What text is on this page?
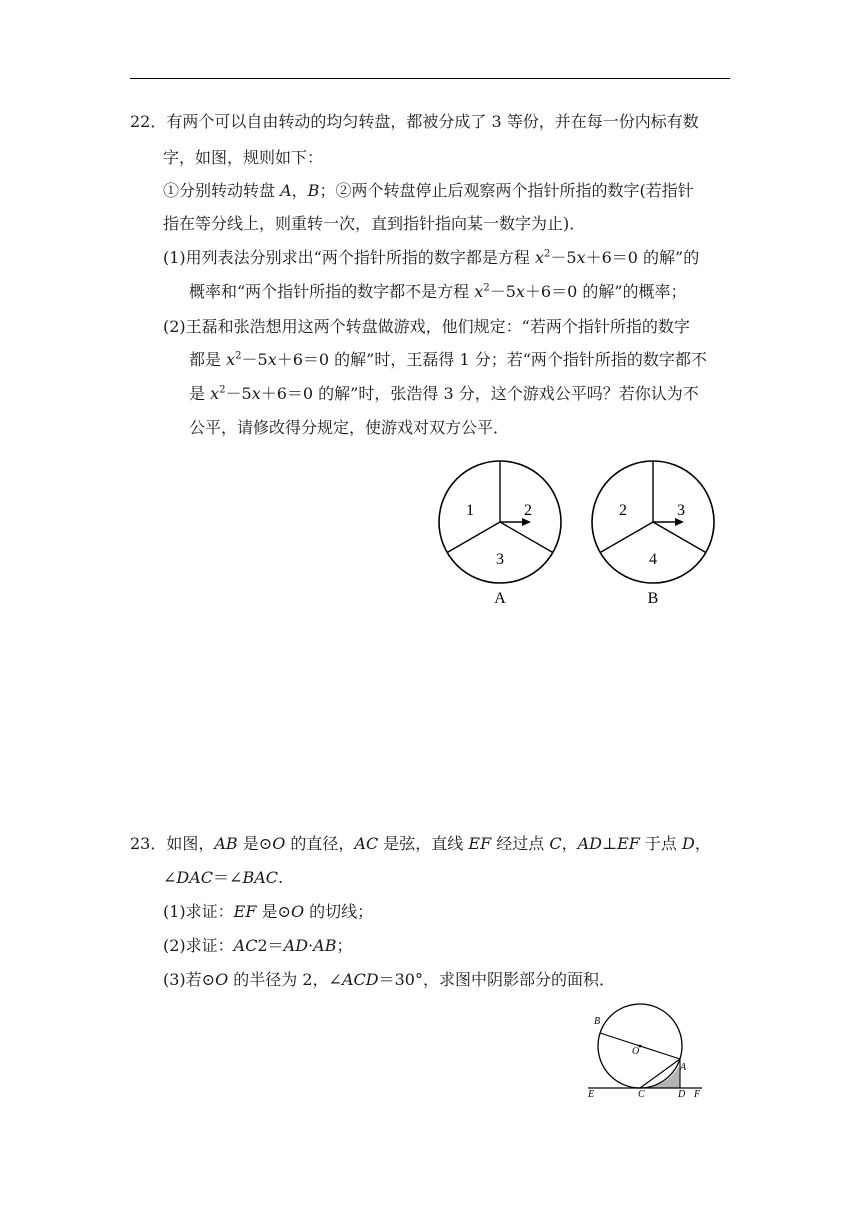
22．有两个可以自由转动的均匀转盘，都被分成了 3 等份，并在每一份内标有数
字，如图，规则如下：
①分别转动转盘 A，B；②两个转盘停止后观察两个指针所指的数字(若指针
指在等分线上，则重转一次，直到指针指向某一数字为止)．
(1)用列表法分别求出“两个指针所指的数字都是方程 $x^2-5x+6=0$ 的解”的
概率和“两个指针所指的数字都不是方程 $x^2-5x+6=0$ 的解”的概率；
(2)王磊和张浩想用这两个转盘做游戏，他们规定：“若两个指针所指的数字
都是 $x^2-5x+6=0$ 的解”时，王磊得 1 分；若“两个指针所指的数字都不
是 $x^2-5x+6=0$ 的解”时，张浩得 3 分，这个游戏公平吗？若你认为不
公平，请修改得分规定，使游戏对双方公平．
1	2
3
A
2	3
4
B
23．如图，AB 是⊙O 的直径，AC 是弦，直线 EF 经过点 C，AD⊥EF 于点 D，
∠DAC＝∠BAC.
(1)求证：EF 是⊙O 的切线；
(2)求证：AC2＝AD·AB；
(3)若⊙O 的半径为 2，∠ACD＝30°，求图中阴影部分的面积．
B
O
A
E	C	D F
